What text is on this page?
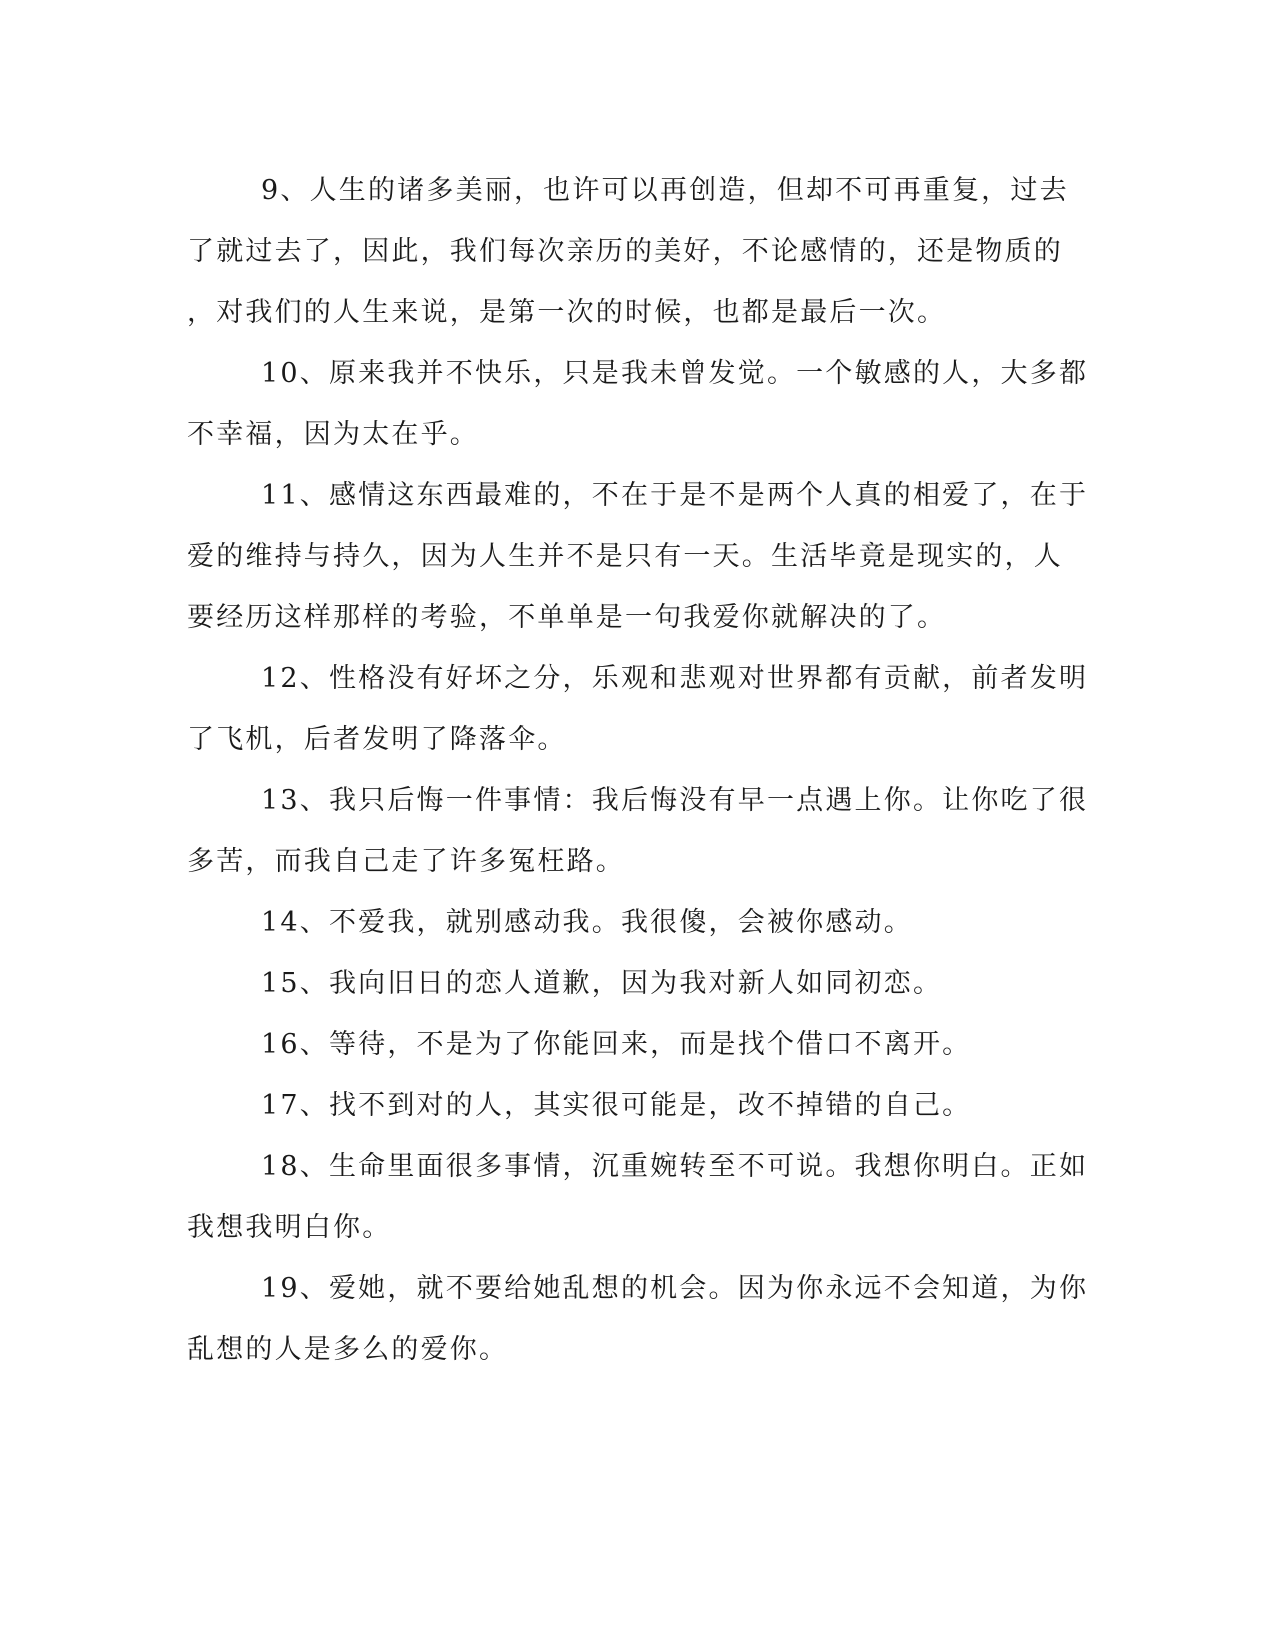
9、人生的诸多美丽，也许可以再创造，但却不可再重复，过去
了就过去了，因此，我们每次亲历的美好，不论感情的，还是物质的
，对我们的人生来说，是第一次的时候，也都是最后一次。
10、原来我并不快乐，只是我未曾发觉。一个敏感的人，大多都
不幸福，因为太在乎。
11、感情这东西最难的，不在于是不是两个人真的相爱了，在于
爱的维持与持久，因为人生并不是只有一天。生活毕竟是现实的，人
要经历这样那样的考验，不单单是一句我爱你就解决的了。
12、性格没有好坏之分，乐观和悲观对世界都有贡献，前者发明
了飞机，后者发明了降落伞。
13、我只后悔一件事情：我后悔没有早一点遇上你。让你吃了很
多苦，而我自己走了许多冤枉路。
14、不爱我，就别感动我。我很傻，会被你感动。
15、我向旧日的恋人道歉，因为我对新人如同初恋。
16、等待，不是为了你能回来，而是找个借口不离开。
17、找不到对的人，其实很可能是，改不掉错的自己。
18、生命里面很多事情，沉重婉转至不可说。我想你明白。正如
我想我明白你。
19、爱她，就不要给她乱想的机会。因为你永远不会知道，为你
乱想的人是多么的爱你。
